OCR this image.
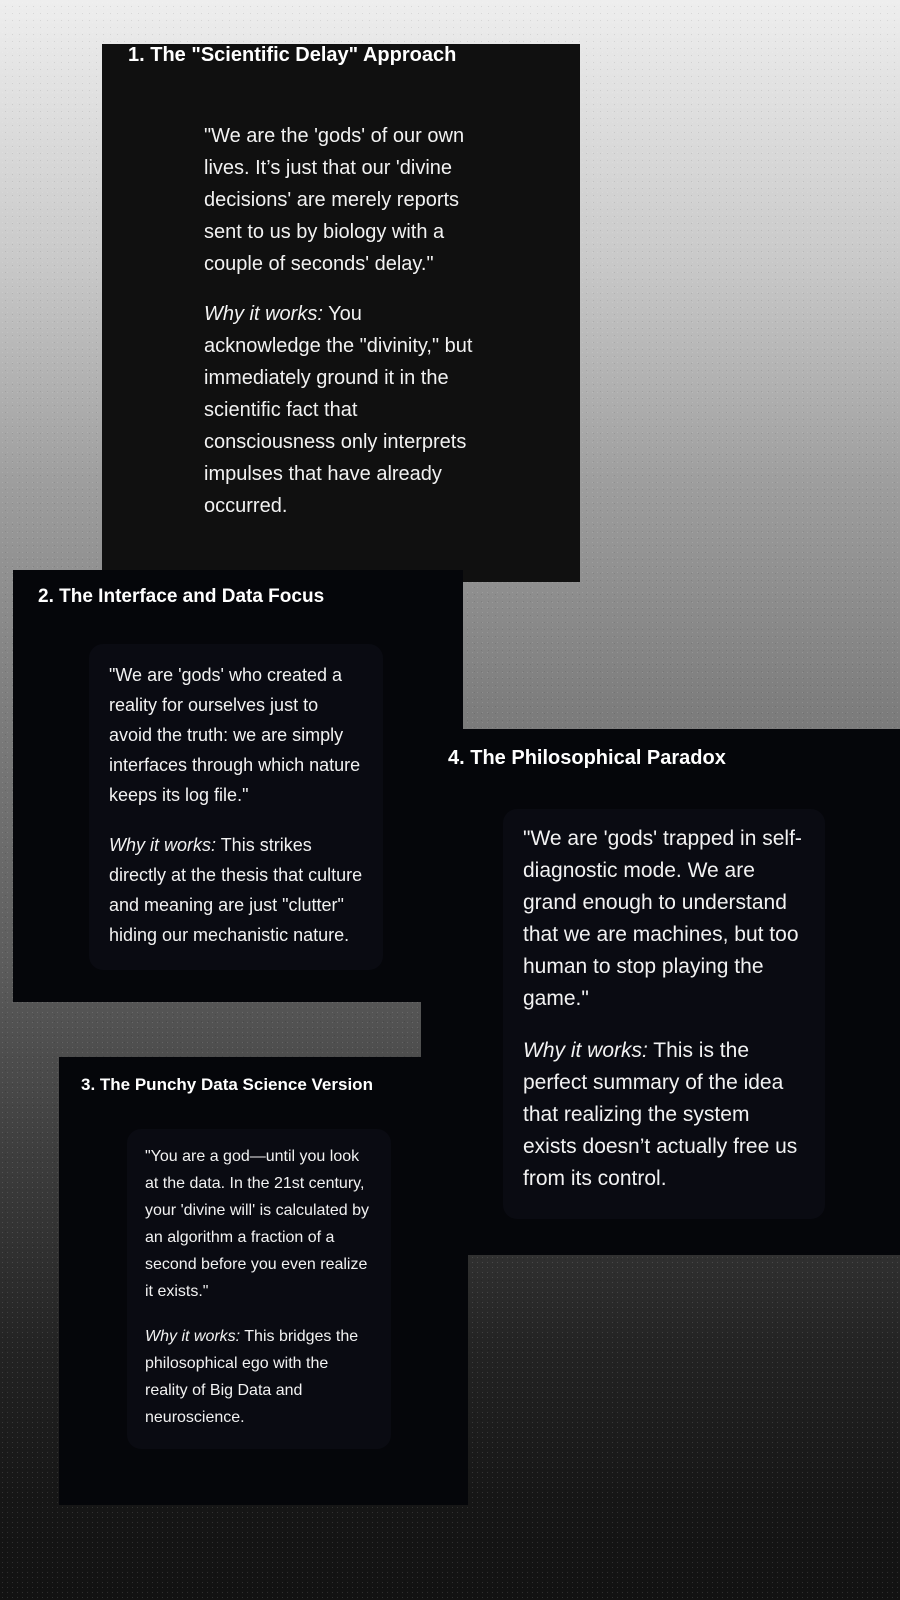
1. The "Scientific Delay" Approach

"We are the 'gods' of our own lives. It’s just that our 'divine decisions' are merely reports sent to us by biology with a couple of seconds' delay."

Why it works: You acknowledge the "divinity," but immediately ground it in the scientific fact that consciousness only interprets impulses that have already occurred.

2. The Interface and Data Focus

"We are 'gods' who created a reality for ourselves just to avoid the truth: we are simply interfaces through which nature keeps its log file."

Why it works: This strikes directly at the thesis that culture and meaning are just "clutter" hiding our mechanistic nature.

4. The Philosophical Paradox

"We are 'gods' trapped in self-diagnostic mode. We are grand enough to understand that we are machines, but too human to stop playing the game."

Why it works: This is the perfect summary of the idea that realizing the system exists doesn’t actually free us from its control.

3. The Punchy Data Science Version

"You are a god—until you look at the data. In the 21st century, your 'divine will' is calculated by an algorithm a fraction of a second before you even realize it exists."

Why it works: This bridges the philosophical ego with the reality of Big Data and neuroscience.
